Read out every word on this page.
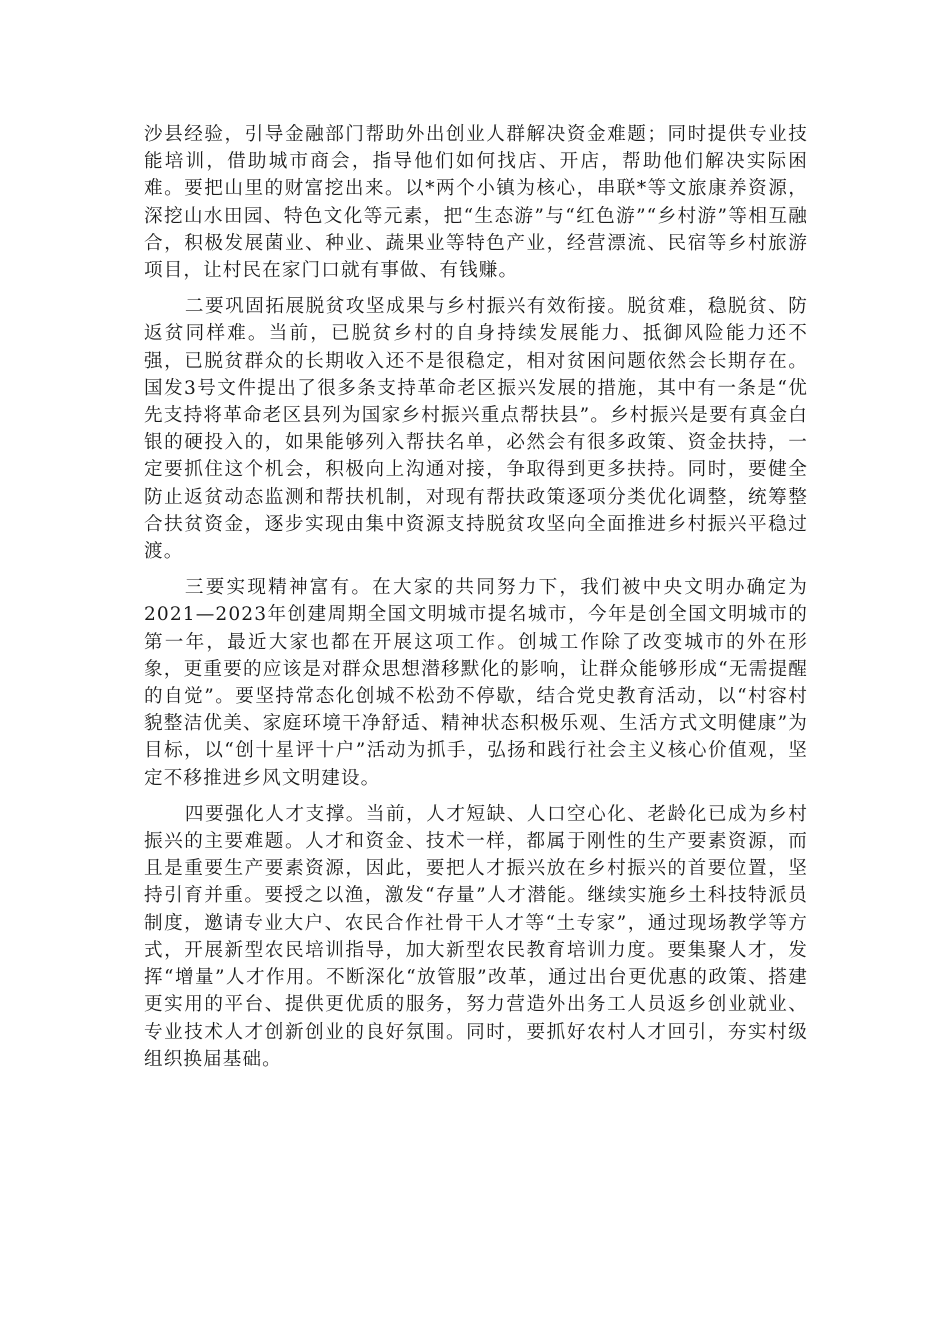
沙县经验，引导金融部门帮助外出创业人群解决资金难题；同时提供专业技能培训，借助城市商会，指导他们如何找店、开店，帮助他们解决实际困难。要把山里的财富挖出来。以*两个小镇为核心，串联*等文旅康养资源，深挖山水田园、特色文化等元素，把“生态游”与“红色游”“乡村游”等相互融合，积极发展菌业、种业、蔬果业等特色产业，经营漂流、民宿等乡村旅游项目，让村民在家门口就有事做、有钱赚。

二要巩固拓展脱贫攻坚成果与乡村振兴有效衔接。脱贫难，稳脱贫、防返贫同样难。当前，已脱贫乡村的自身持续发展能力、抵御风险能力还不强，已脱贫群众的长期收入还不是很稳定，相对贫困问题依然会长期存在。国发3号文件提出了很多条支持革命老区振兴发展的措施，其中有一条是“优先支持将革命老区县列为国家乡村振兴重点帮扶县”。乡村振兴是要有真金白银的硬投入的，如果能够列入帮扶名单，必然会有很多政策、资金扶持，一定要抓住这个机会，积极向上沟通对接，争取得到更多扶持。同时，要健全防止返贫动态监测和帮扶机制，对现有帮扶政策逐项分类优化调整，统筹整合扶贫资金，逐步实现由集中资源支持脱贫攻坚向全面推进乡村振兴平稳过渡。

三要实现精神富有。在大家的共同努力下，我们被中央文明办确定为2021—2023年创建周期全国文明城市提名城市，今年是创全国文明城市的第一年，最近大家也都在开展这项工作。创城工作除了改变城市的外在形象，更重要的应该是对群众思想潜移默化的影响，让群众能够形成“无需提醒的自觉”。要坚持常态化创城不松劲不停歇，结合党史教育活动，以“村容村貌整洁优美、家庭环境干净舒适、精神状态积极乐观、生活方式文明健康”为目标，以“创十星评十户”活动为抓手，弘扬和践行社会主义核心价值观，坚定不移推进乡风文明建设。

四要强化人才支撑。当前，人才短缺、人口空心化、老龄化已成为乡村振兴的主要难题。人才和资金、技术一样，都属于刚性的生产要素资源，而且是重要生产要素资源，因此，要把人才振兴放在乡村振兴的首要位置，坚持引育并重。要授之以渔，激发“存量”人才潜能。继续实施乡土科技特派员制度，邀请专业大户、农民合作社骨干人才等“土专家”，通过现场教学等方式，开展新型农民培训指导，加大新型农民教育培训力度。要集聚人才，发挥“增量”人才作用。不断深化“放管服”改革，通过出台更优惠的政策、搭建更实用的平台、提供更优质的服务，努力营造外出务工人员返乡创业就业、专业技术人才创新创业的良好氛围。同时，要抓好农村人才回引，夯实村级组织换届基础。
